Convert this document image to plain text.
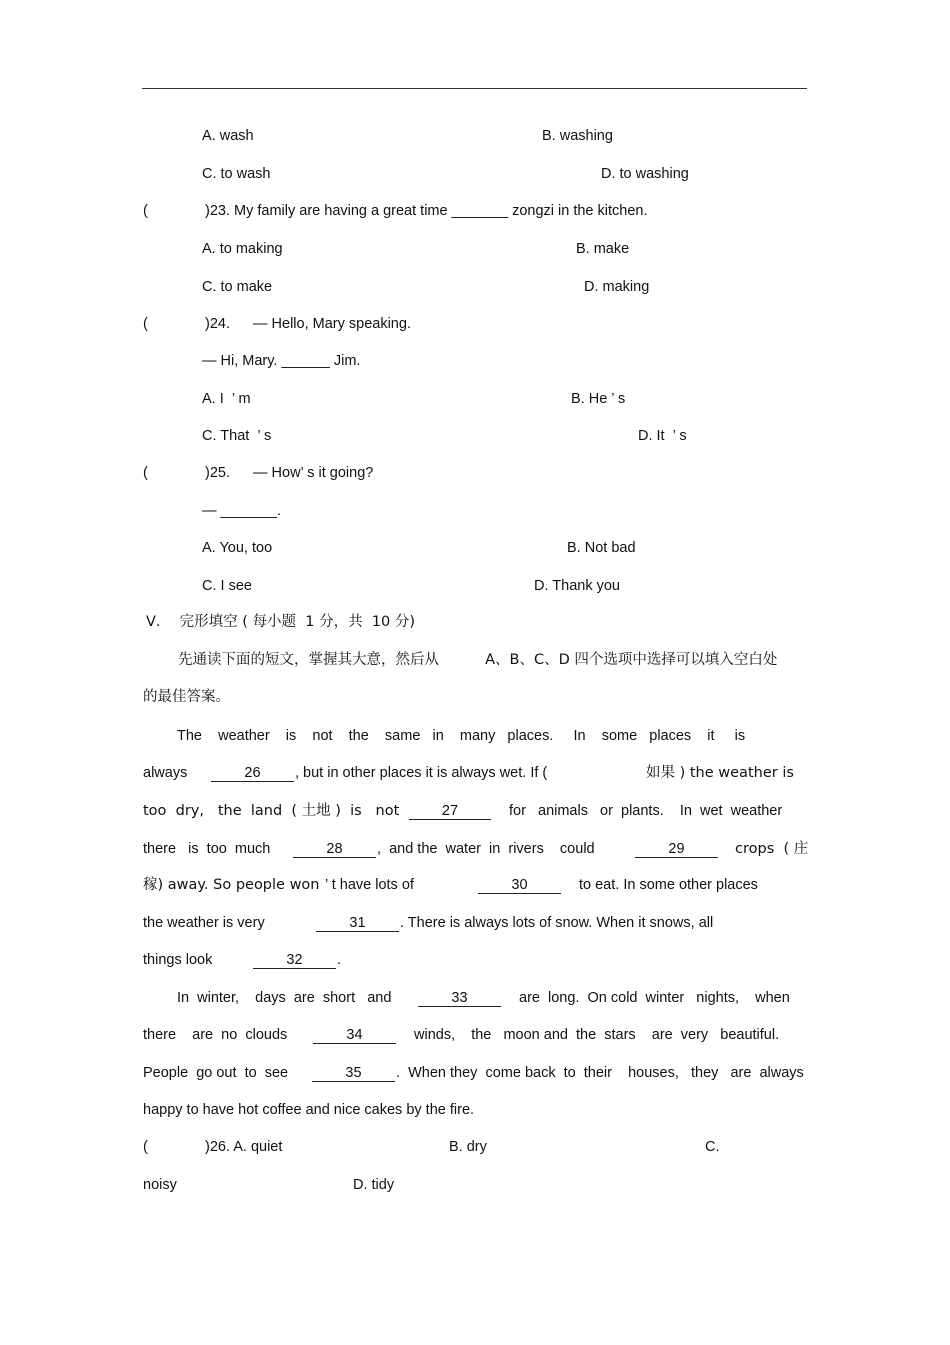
A. wash	B. washing
C. to wash	D. to washing
(	)23. My family are having a great time _______ zongzi in the kitchen.
A. to making	B. make
C. to make	D. making
(	)24. — Hello, Mary speaking.
— Hi, Mary. ______ Jim.
A. I  ’ m	B. He ’ s
C. That  ’ s	D. It  ’ s
(	)25. — How’ s it going?
— _______.
A. You, too	B. Not bad
C. I see	D. Thank you
V．  完形填空 ( 每小题  1 分，共  10 分)
先通读下面的短文，掌握其大意，然后从          A、B、C、D 四个选项中选择可以填入空白处
的最佳答案。
The    weather    is    not    the    same   in    many   places.     In    some   places    it     is
always	26	, but in other places it is always wet. If (	如果 ) the weather is
too  dry,   the  land  ( 土地 )  is   not	27	for   animals   or  plants.    In  wet  weather
there   is  too  much	28	,  and the  water  in  rivers    could	29	crops  ( 庄
稼) away. So people won ’ t have lots of	30	to eat. In some other places
the weather is very	31	. There is always lots of snow. When it snows, all
things look	32	.
In  winter,    days  are  short   and	33	are  long.  On cold  winter   nights,    when
there    are  no  clouds	34	winds,    the   moon and  the  stars    are  very   beautiful.
People  go out  to  see	35	.  When they  come back  to  their    houses,   they   are  always
happy to have hot coffee and nice cakes by the fire.
(	)26. A. quiet	B. dry	C.
noisy	D. tidy
